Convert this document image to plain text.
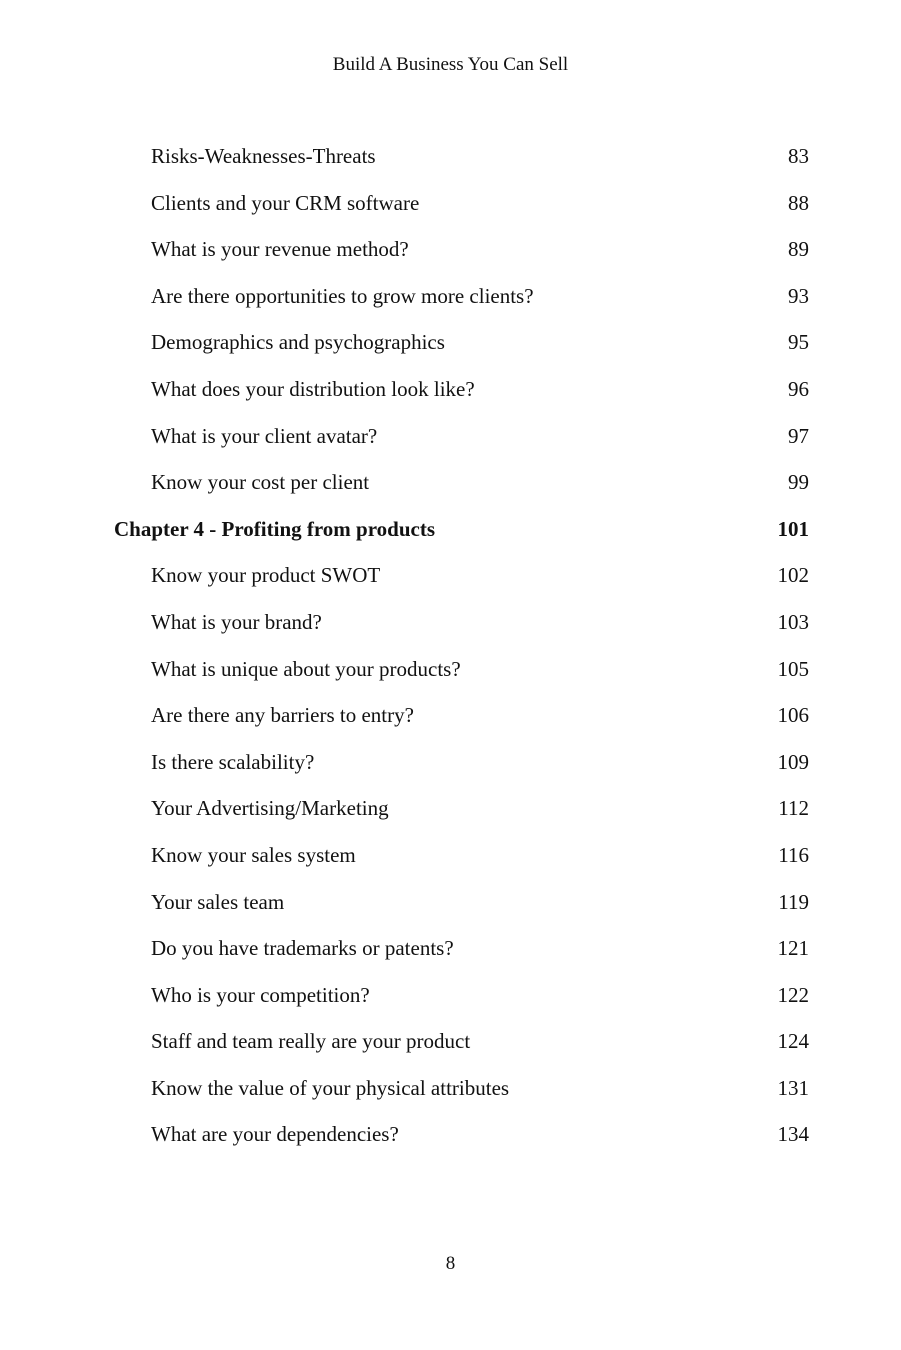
Build A Business You Can Sell
Risks-Weaknesses-Threats	83
Clients and your CRM software	88
What is your revenue method?	89
Are there opportunities to grow more clients?	93
Demographics and psychographics	95
What does your distribution look like?	96
What is your client avatar?	97
Know your cost per client	99
Chapter 4 - Profiting from products	101
Know your product SWOT	102
What is your brand?	103
What is unique about your products?	105
Are there any barriers to entry?	106
Is there scalability?	109
Your Advertising/Marketing	112
Know your sales system	116
Your sales team	119
Do you have trademarks or patents?	121
Who is your competition?	122
Staff and team really are your product	124
Know the value of your physical attributes	131
What are your dependencies?	134
8
